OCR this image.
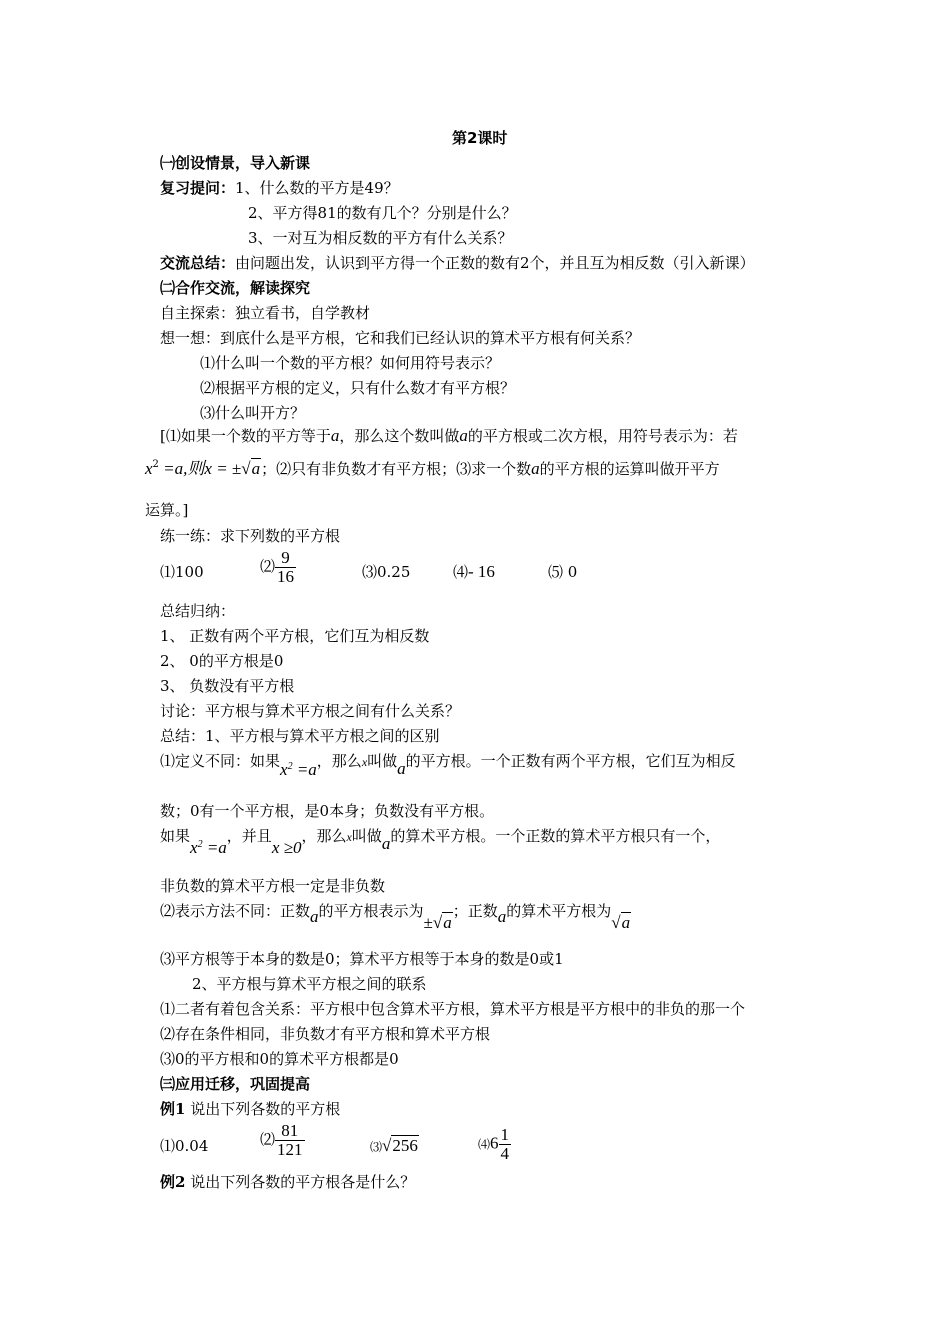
第2课时
㈠创设情景，导入新课
复习提问：1、什么数的平方是49？
2、平方得81的数有几个？分别是什么？
3、一对互为相反数的平方有什么关系？
交流总结：由问题出发，认识到平方得一个正数的数有2个，并且互为相反数（引入新课）
㈡合作交流，解读探究
自主探索：独立看书，自学教材
想一想：到底什么是平方根，它和我们已经认识的算术平方根有何关系？
⑴什么叫一个数的平方根？如何用符号表示？
⑵根据平方根的定义，只有什么数才有平方根？
⑶什么叫开方？
[⑴如果一个数的平方等于a，那么这个数叫做a的平方根或二次方根，用符号表示为：若
$x^2 =a$,则x = ±√a；⑵只有非负数才有平方根；⑶求一个数a的平方根的运算叫做开平方
运算。]
练一练：求下列数的平方根
⑴100	⑵ $\frac{9}{16}$	⑶0.25	⑷- 16	⑸ 0
总结归纳：
1、 正数有两个平方根，它们互为相反数
2、 0的平方根是0
3、 负数没有平方根
讨论：平方根与算术平方根之间有什么关系？
总结：1、平方根与算术平方根之间的区别
⑴定义不同：如果$x^2 =a$，那么x叫做a的平方根。一个正数有两个平方根，它们互为相反
数；0有一个平方根，是0本身；负数没有平方根。
如果$x^2 =a$，并且x ≥0，那么x叫做a的算术平方根。一个正数的算术平方根只有一个，
非负数的算术平方根一定是非负数
⑵表示方法不同：正数a的平方根表示为±√a；正数a的算术平方根为√a
⑶平方根等于本身的数是0；算术平方根等于本身的数是0或1
2、平方根与算术平方根之间的联系
⑴二者有着包含关系：平方根中包含算术平方根，算术平方根是平方根中的非负的那一个
⑵存在条件相同，非负数才有平方根和算术平方根
⑶0的平方根和0的算术平方根都是0
㈢应用迁移，巩固提高
例1 说出下列各数的平方根
⑴0.04	⑵ $\frac{81}{121}$	⑶√256	⑷6 $\frac{1}{4}$
例2 说出下列各数的平方根各是什么？
